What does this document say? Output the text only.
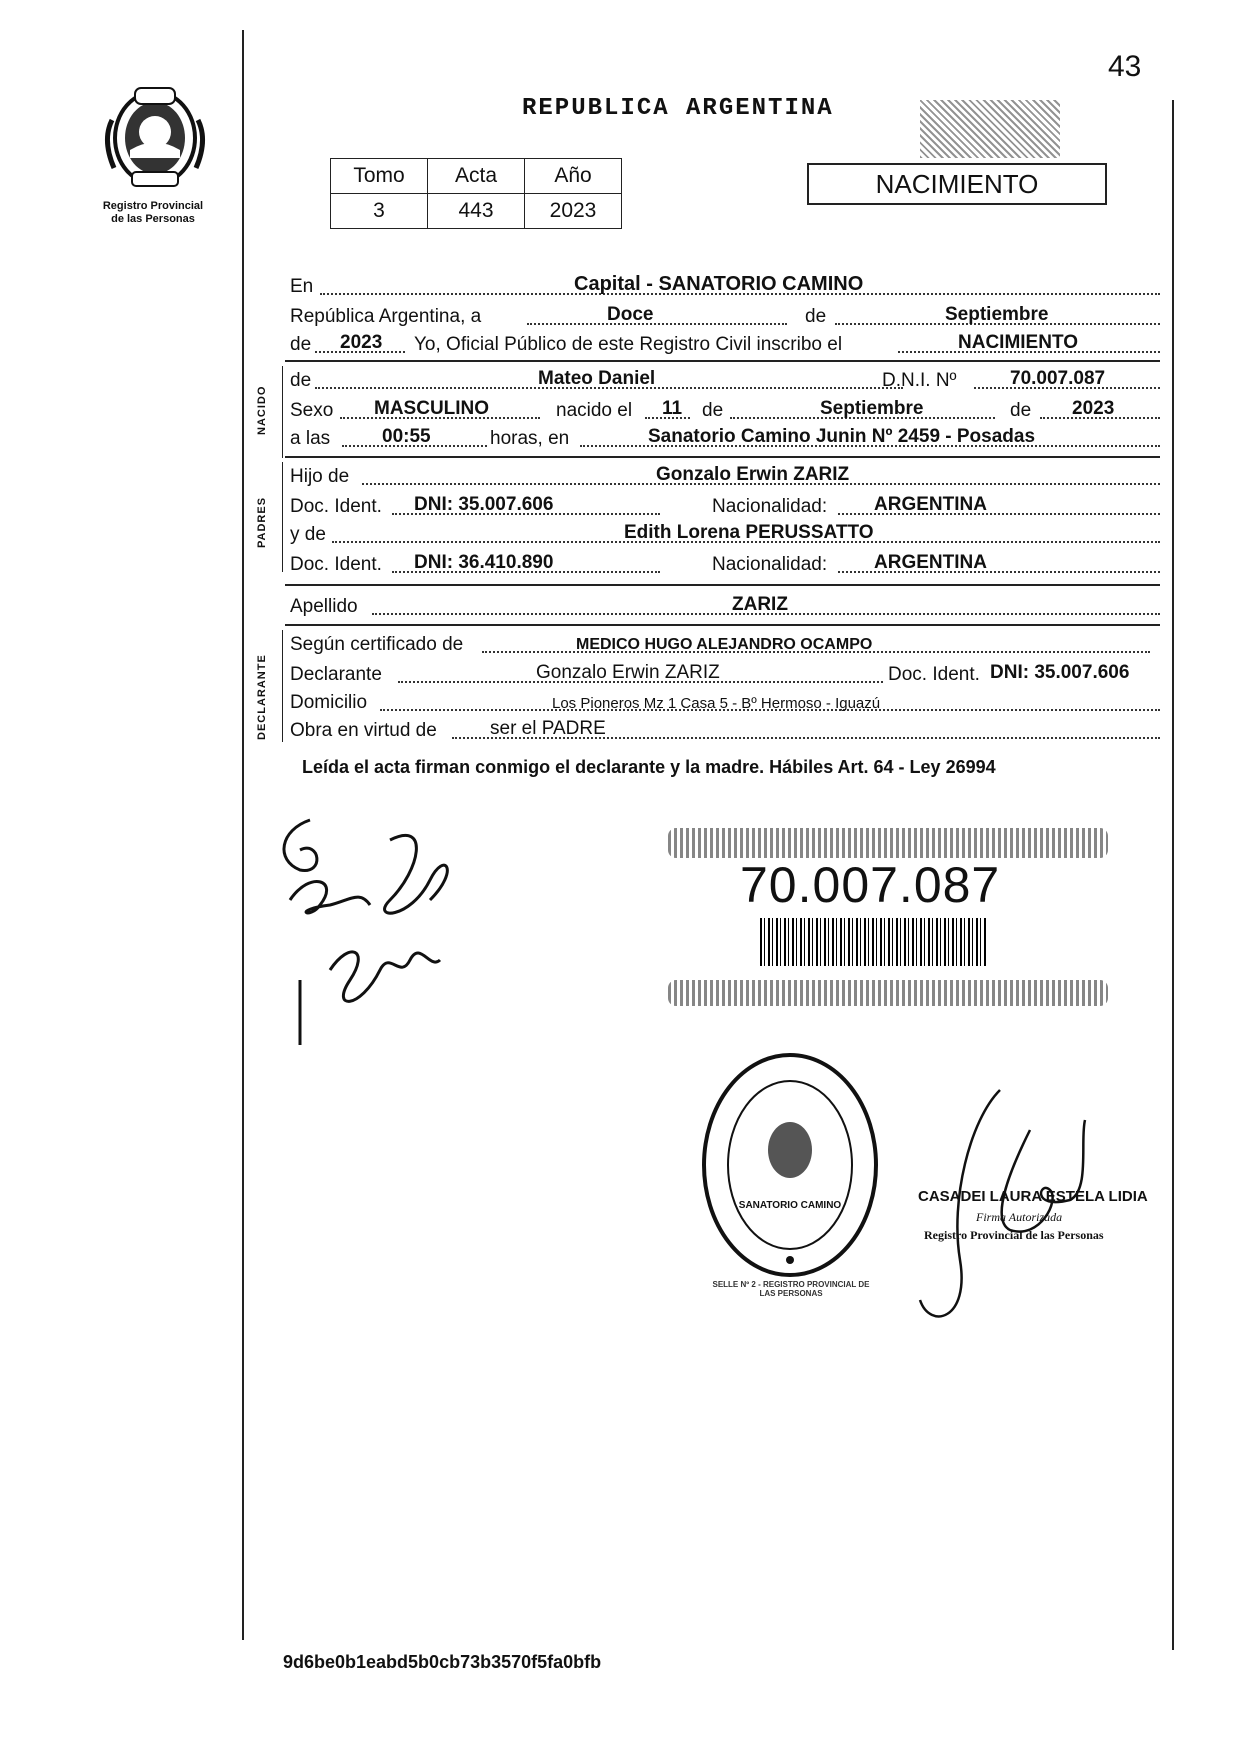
43
Registro Provincial
de las Personas
REPUBLICA ARGENTINA
NACIMIENTO
Tomo	Acta	Año
3	443	2023
En	Capital - SANATORIO CAMINO
República Argentina, a	Doce	de	Septiembre
de 2023 Yo, Oficial Público de este Registro Civil inscribo el	NACIMIENTO
NACIDO
de	Mateo Daniel	D.N.I. Nº	70.007.087
Sexo MASCULINO	nacido el 11 de	Septiembre	de 2023
a las	00:55	horas, en	Sanatorio Camino Junin Nº 2459 - Posadas
PADRES
Hijo de	Gonzalo Erwin ZARIZ
Doc. Ident. DNI: 35.007.606	Nacionalidad: ARGENTINA
y de	Edith Lorena PERUSSATTO
Doc. Ident. DNI: 36.410.890	Nacionalidad: ARGENTINA
Apellido	ZARIZ
DECLARANTE
Según certificado de	MEDICO HUGO ALEJANDRO OCAMPO
Declarante	Gonzalo Erwin ZARIZ	Doc. Ident. DNI: 35.007.606
Domicilio	Los Pioneros Mz 1 Casa 5 - Bº Hermoso - Iguazú
Obra en virtud de	ser el PADRE
Leída el acta firman conmigo el declarante y la madre. Hábiles Art. 64 - Ley 26994
70.007.087
SELLE Nº 2 - REGISTRO PROVINCIAL DE LAS PERSONAS
SANATORIO CAMINO
CASADEI LAURA ESTELA LIDIA
Firma Autorizada
Registro Provincial de las Personas
9d6be0b1eabd5b0cb73b3570f5fa0bfb
